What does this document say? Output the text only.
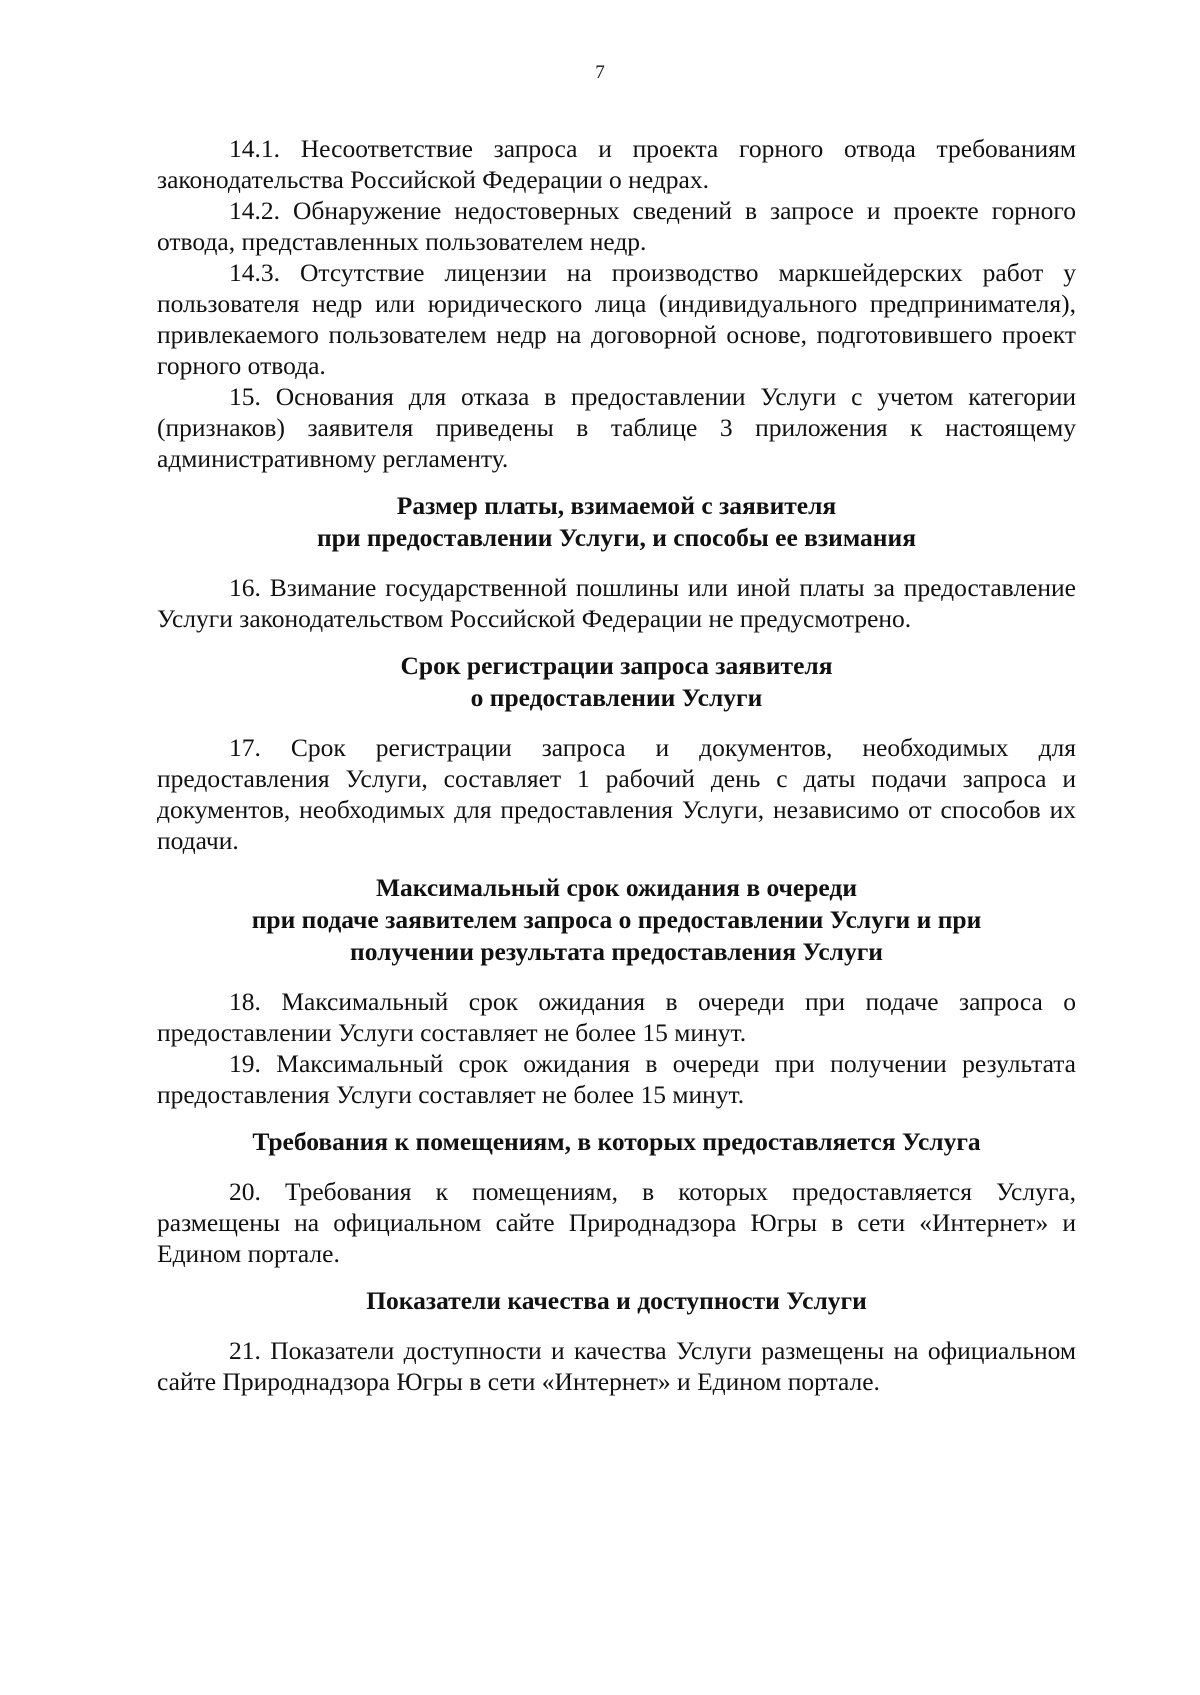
7

14.1. Несоответствие запроса и проекта горного отвода требованиям законодательства Российской Федерации о недрах.

14.2. Обнаружение недостоверных сведений в запросе и проекте горного отвода, представленных пользователем недр.

14.3. Отсутствие лицензии на производство маркшейдерских работ у пользователя недр или юридического лица (индивидуального предпринимателя), привлекаемого пользователем недр на договорной основе, подготовившего проект горного отвода.

15. Основания для отказа в предоставлении Услуги с учетом категории (признаков) заявителя приведены в таблице 3 приложения к настоящему административному регламенту.

Размер платы, взимаемой с заявителя
при предоставлении Услуги, и способы ее взимания

16. Взимание государственной пошлины или иной платы за предоставление Услуги законодательством Российской Федерации не предусмотрено.

Срок регистрации запроса заявителя
о предоставлении Услуги

17. Срок регистрации запроса и документов, необходимых для предоставления Услуги, составляет 1 рабочий день с даты подачи запроса и документов, необходимых для предоставления Услуги, независимо от способов их подачи.

Максимальный срок ожидания в очереди
при подаче заявителем запроса о предоставлении Услуги и при
получении результата предоставления Услуги

18. Максимальный срок ожидания в очереди при подаче запроса о предоставлении Услуги составляет не более 15 минут.

19. Максимальный срок ожидания в очереди при получении результата предоставления Услуги составляет не более 15 минут.

Требования к помещениям, в которых предоставляется Услуга

20. Требования к помещениям, в которых предоставляется Услуга, размещены на официальном сайте Природнадзора Югры в сети «Интернет» и Едином портале.

Показатели качества и доступности Услуги

21. Показатели доступности и качества Услуги размещены на официальном сайте Природнадзора Югры в сети «Интернет» и Едином портале.
